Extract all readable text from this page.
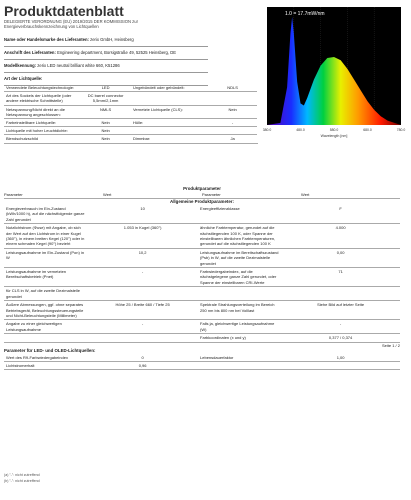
Produktdatenblatt
DELEGIERTE VERORDNUNG (EU) 2019/2015 DER KOMMISSION zur
Energieverbrauchskennzeichnung von Lichtquellen
Name oder Handelsmarke des Lieferanten: zerix GmbH, Heinsberg
Anschrift des Lieferanten: Engineering department, Borsigstraße 49, 52525 Heinsberg, DE
Modellkennung: zerix LED neutral brilliant white 660, K51286
Art der Lichtquelle:
Verwendete Beleuchtungstechnologie:	LED	Ungebündelt oder gebündelt:	NDLS
Art des Sockels der Lichtquelle (oder andere elektrische Schnittstelle)	DC barrel connector 5,5mm/2,1mm		
Netzspannung/Nicht direkt an die Netzspannung angeschlossen:	NMLS	Vernetzte Lichtquelle (CLS):	Nein
Farbeinstellbare Lichtquelle:	Nein	Hülle:	-
Lichtquelle mit hoher Leuchtdichte:	Nein		
Blendschutzschild	Nein	Dimmbar:	Ja
1.0 = 17.7mW/nm
380.0	480.0	580.0	680.0	780.0
Wavelength [nm]
Produktparameter
Parameter	Wert	Parameter	Wert
Allgemeine Produktparameter:
Energieverbrauch im Ein-Zustand (kWh/1000 h), auf die nächstfolgende ganze Zahl gerundet	10	Energieeffizienzklasse	F
Nutzlichtstrom (Φuse) mit Angabe, ob sich der Wert auf den Lichtstrom in einer Kugel (360°), in einem breiten Kegel (120°) oder in einem schmalen Kegel (90°) bezieht	1.053 in Kugel (360°)	ähnliche Farbtemperatur, gerundet auf die nächstliegenden 100 K, oder Spanne der einstellbaren ähnlichen Farbtemperaturen, gerundet auf die nächstliegenden 100 K	4.000
Leistungsaufnahme im Ein-Zustand (Pon) in W	10,2	Leistungsaufnahme im Bereitschaftszustand (Psb) in W, auf die zweite Dezimalstelle gerundet	0,00
Leistungsaufnahme im vernetzten Bereitschaftsbetrieb (Pnet)	-	Farbwiedergabeindex, auf die nächstgelegene ganze Zahl gerundet, oder Spanne der einstellbaren CRI-Werte	71
für CLS in W, auf die zweite Dezimalstelle gerundet			
Äußere Abmessungen, ggf. ohne separates Betriebsgerät, Beleuchtungssteuerungsteile und Nicht-Beleuchtungsteile (Millimeter)	Höhe 25 / Breite 660 / Tiefe 25	Spektrale Strahlungsverteilung im Bereich 250 nm bis 800 nm bei Volllast	Siehe Bild auf letzter Seite
Angabe zu einer gleichwertigen Leistungsaufnahme	-	Falls ja, gleichwertige Leistungsaufnahme (W)	-
		Farbkoordinaten (x und y)	0,377 / 0,374
Seite 1 / 2
Parameter für LED- und OLED-Lichtquellen:
Wert des R9-Farbwiedergabeindex	0	Lebensdauerfaktor	1,00
Lichtstromerhalt	0,96		
(a) "-": nicht zutreffend
(b) "-": nicht zutreffend
